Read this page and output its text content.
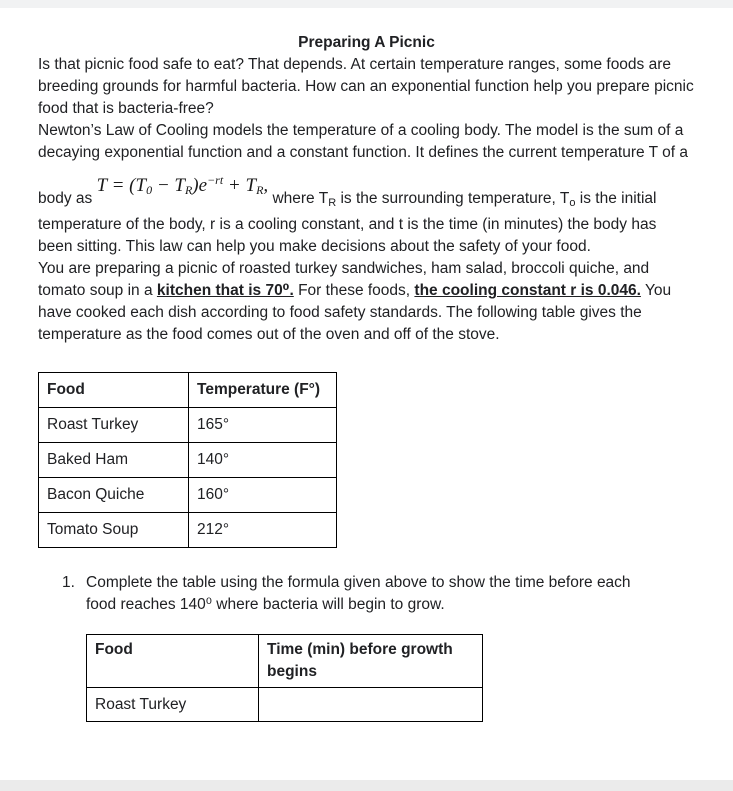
Preparing A Picnic

Is that picnic food safe to eat? That depends. At certain temperature ranges, some foods are breeding grounds for harmful bacteria. How can an exponential function help you prepare picnic food that is bacteria-free?

Newton’s Law of Cooling models the temperature of a cooling body. The model is the sum of a decaying exponential function and a constant function. It defines the current temperature T of a body as $T = (T_0 - T_R)e^{-rt} + T_R$, where $T_R$ is the surrounding temperature, $T_o$ is the initial temperature of the body, r is a cooling constant, and t is the time (in minutes) the body has been sitting. This law can help you make decisions about the safety of your food.

You are preparing a picnic of roasted turkey sandwiches, ham salad, broccoli quiche, and tomato soup in a kitchen that is 70⁰. For these foods, the cooling constant r is 0.046. You have cooked each dish according to food safety standards. The following table gives the temperature as the food comes out of the oven and off of the stove.

Food	Temperature (F°)
Roast Turkey	165°
Baked Ham	140°
Bacon Quiche	160°
Tomato Soup	212°
1. Complete the table using the formula given above to show the time before each food reaches 140⁰ where bacteria will begin to grow.
Food	Time (min) before growth begins
Roast Turkey	
